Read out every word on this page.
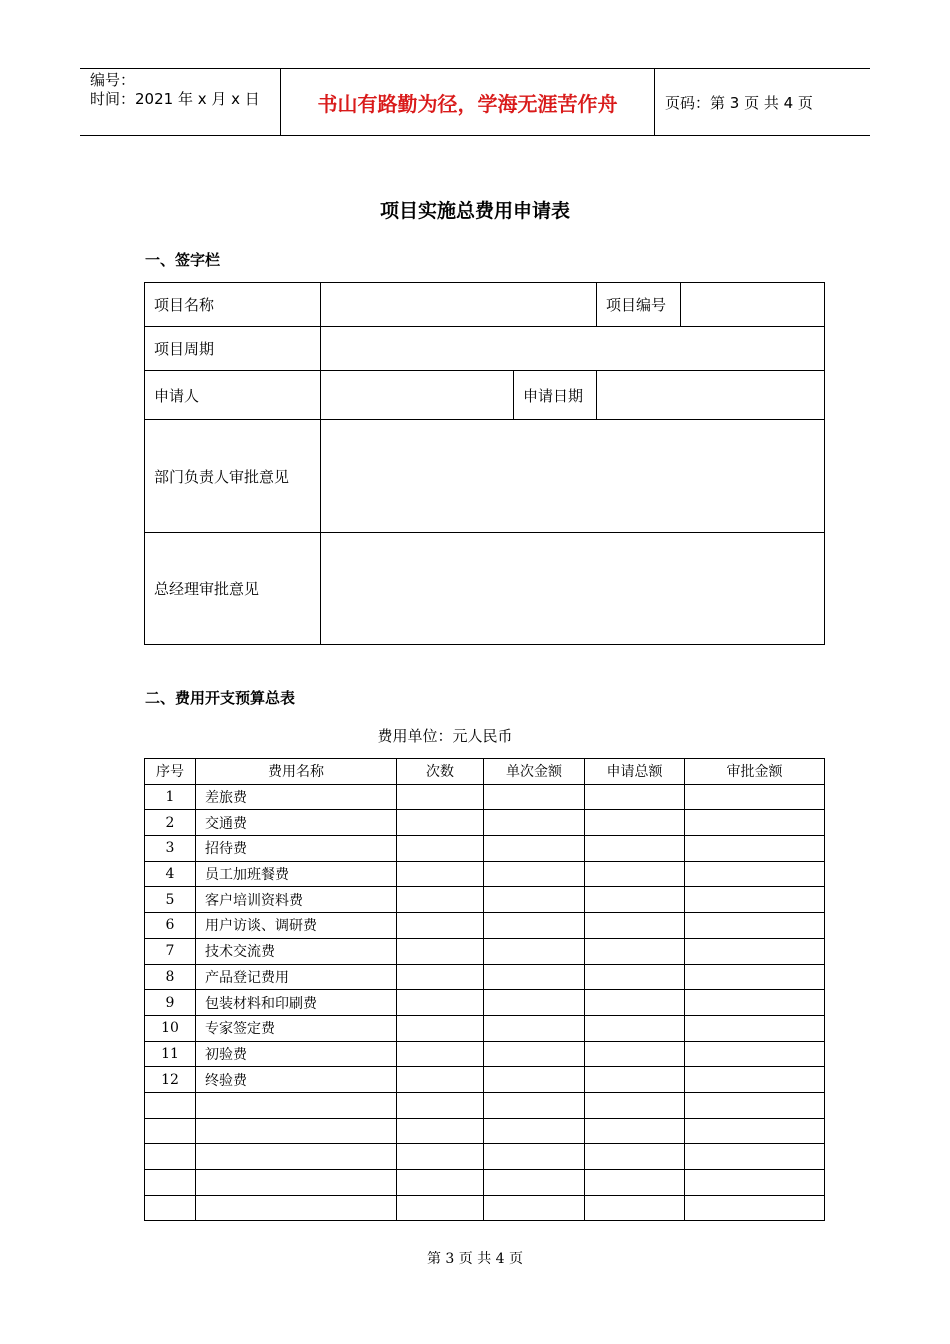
编号：
时间：2021 年 x 月 x 日	书山有路勤为径，学海无涯苦作舟	页码：第 3 页 共 4 页
项目实施总费用申请表
一、签字栏
项目名称			项目编号	
项目周期				
申请人		申请日期		
部门负责人审批意见				
总经理审批意见				
二、费用开支预算总表
费用单位：元人民币
序号	费用名称	次数	单次金额	申请总额	审批金额
1	差旅费				
2	交通费				
3	招待费				
4	员工加班餐费				
5	客户培训资料费				
6	用户访谈、调研费				
7	技术交流费				
8	产品登记费用				
9	包装材料和印刷费				
10	专家签定费				
11	初验费				
12	终验费				

第 3 页 共 4 页
